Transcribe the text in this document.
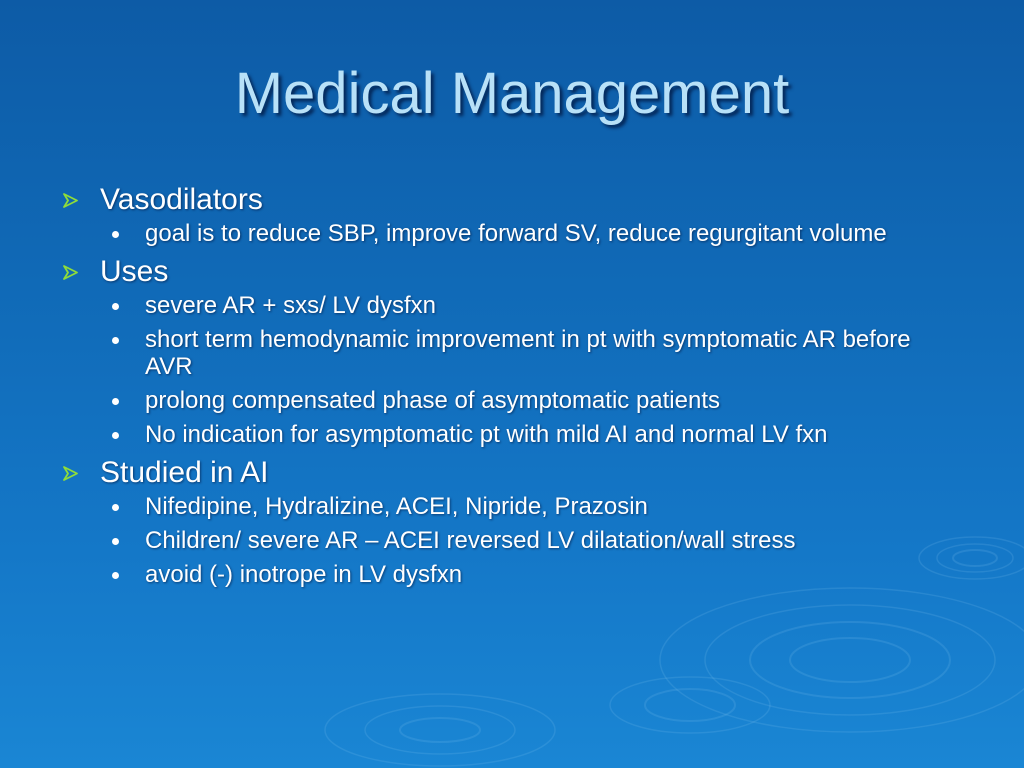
Medical Management
Vasodilators
goal is to reduce SBP, improve forward SV, reduce regurgitant volume
Uses
severe AR + sxs/ LV dysfxn
short term hemodynamic improvement in pt with symptomatic AR before AVR
prolong compensated phase of asymptomatic patients
No indication for asymptomatic pt with mild AI and normal LV fxn
Studied in AI
Nifedipine, Hydralizine, ACEI, Nipride, Prazosin
Children/ severe AR – ACEI reversed LV dilatation/wall stress
avoid (-) inotrope in LV dysfxn
